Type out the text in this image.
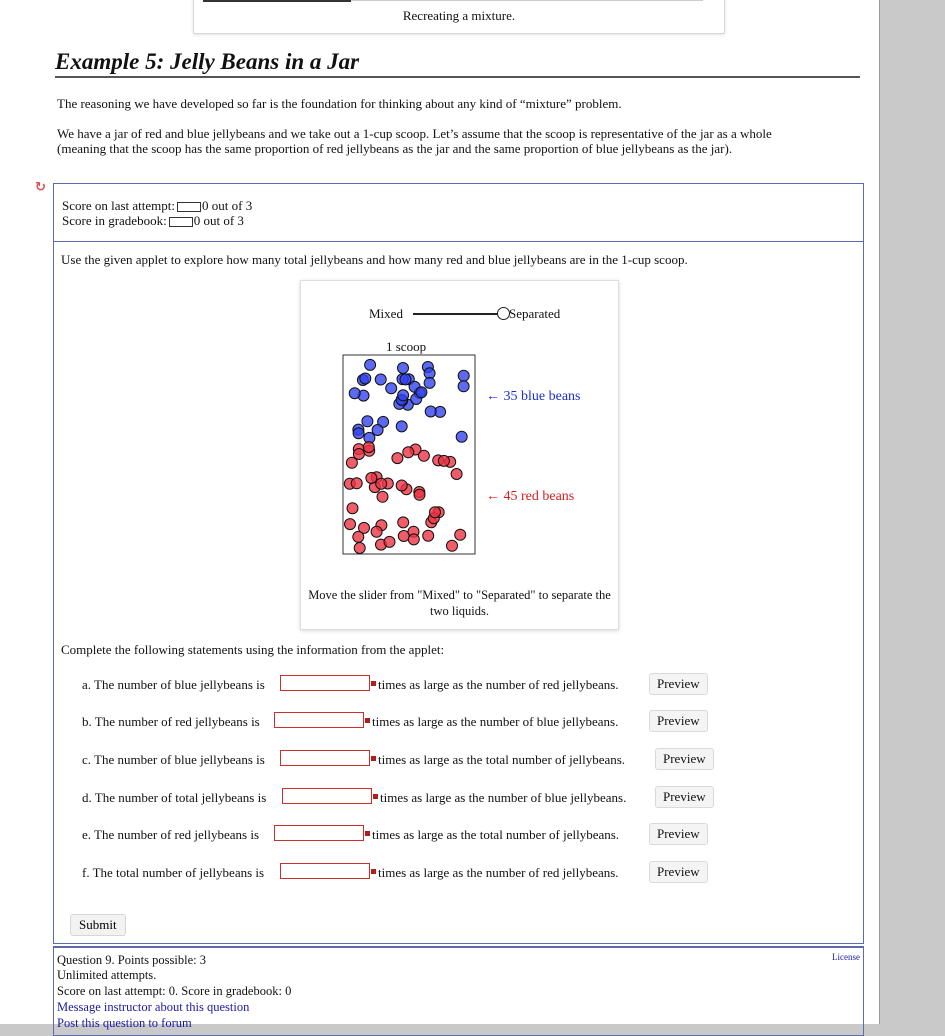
Recreating a mixture.
Example 5: Jelly Beans in a Jar
The reasoning we have developed so far is the foundation for thinking about any kind of “mixture” problem.
We have a jar of red and blue jellybeans and we take out a 1-cup scoop. Let’s assume that the scoop is representative of the jar as a whole (meaning that the scoop has the same proportion of red jellybeans as the jar and the same proportion of blue jellybeans as the jar).
↻
Score on last attempt: 0 out of 3
Score in gradebook: 0 out of 3
Use the given applet to explore how many total jellybeans and how many red and blue jellybeans are in the 1-cup scoop.
Mixed	Separated
1 scoop
← 35 blue beans
← 45 red beans
Move the slider from "Mixed" to "Separated" to separate the two liquids.
Complete the following statements using the information from the applet:
a. The number of blue jellybeans is	times as large as the number of red jellybeans.	Preview
b. The number of red jellybeans is	times as large as the number of blue jellybeans.	Preview
c. The number of blue jellybeans is	times as large as the total number of jellybeans.	Preview
d. The number of total jellybeans is	times as large as the number of blue jellybeans.	Preview
e. The number of red jellybeans is	times as large as the total number of jellybeans.	Preview
f. The total number of jellybeans is	times as large as the number of red jellybeans.	Preview
Submit
Question 9. Points possible: 3
Unlimited attempts.
Score on last attempt: 0. Score in gradebook: 0
Message instructor about this question
Post this question to forum
License
